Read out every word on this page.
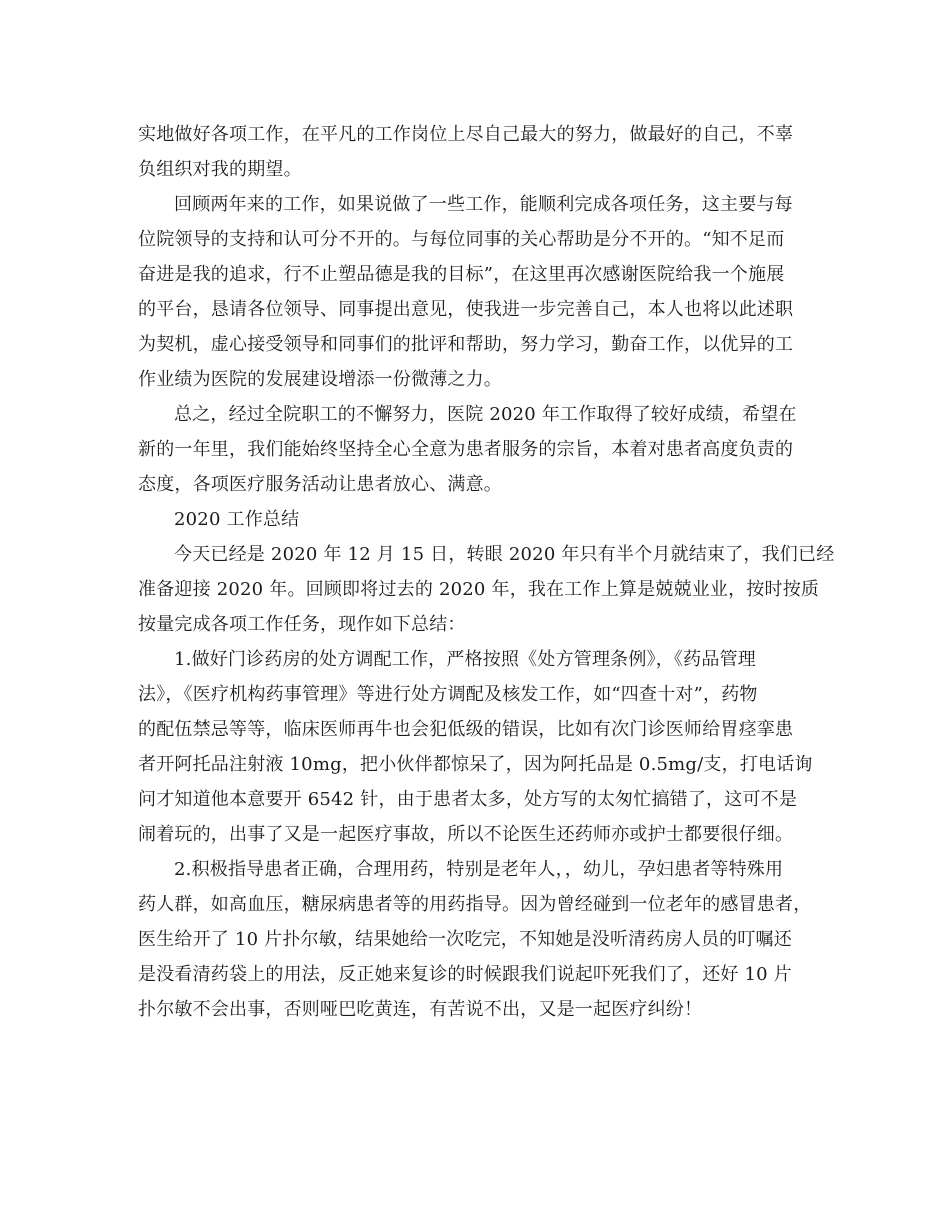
实地做好各项工作，在平凡的工作岗位上尽自己最大的努力，做最好的自己，不辜
负组织对我的期望。
回顾两年来的工作，如果说做了一些工作，能顺利完成各项任务，这主要与每
位院领导的支持和认可分不开的。与每位同事的关心帮助是分不开的。“知不足而
奋进是我的追求，行不止塑品德是我的目标”，在这里再次感谢医院给我一个施展
的平台，恳请各位领导、同事提出意见，使我进一步完善自己，本人也将以此述职
为契机，虚心接受领导和同事们的批评和帮助，努力学习，勤奋工作，以优异的工
作业绩为医院的发展建设增添一份微薄之力。
总之，经过全院职工的不懈努力，医院 2020 年工作取得了较好成绩，希望在
新的一年里，我们能始终坚持全心全意为患者服务的宗旨，本着对患者高度负责的
态度，各项医疗服务活动让患者放心、满意。
2020 工作总结
今天已经是 2020 年 12 月 15 日，转眼 2020 年只有半个月就结束了，我们已经
准备迎接 2020 年。回顾即将过去的 2020 年，我在工作上算是兢兢业业，按时按质
按量完成各项工作任务，现作如下总结：
1.做好门诊药房的处方调配工作，严格按照《处方管理条例》，《药品管理
法》，《医疗机构药事管理》等进行处方调配及核发工作，如“四查十对”，药物
的配伍禁忌等等，临床医师再牛也会犯低级的错误，比如有次门诊医师给胃痉挛患
者开阿托品注射液 10mg，把小伙伴都惊呆了，因为阿托品是 0.5mg/支，打电话询
问才知道他本意要开 6542 针，由于患者太多，处方写的太匆忙搞错了，这可不是
闹着玩的，出事了又是一起医疗事故，所以不论医生还药师亦或护士都要很仔细。
2.积极指导患者正确，合理用药，特别是老年人，，幼儿，孕妇患者等特殊用
药人群，如高血压，糖尿病患者等的用药指导。因为曾经碰到一位老年的感冒患者，
医生给开了 10 片扑尔敏，结果她给一次吃完，不知她是没听清药房人员的叮嘱还
是没看清药袋上的用法，反正她来复诊的时候跟我们说起吓死我们了，还好 10 片
扑尔敏不会出事，否则哑巴吃黄连，有苦说不出，又是一起医疗纠纷！
